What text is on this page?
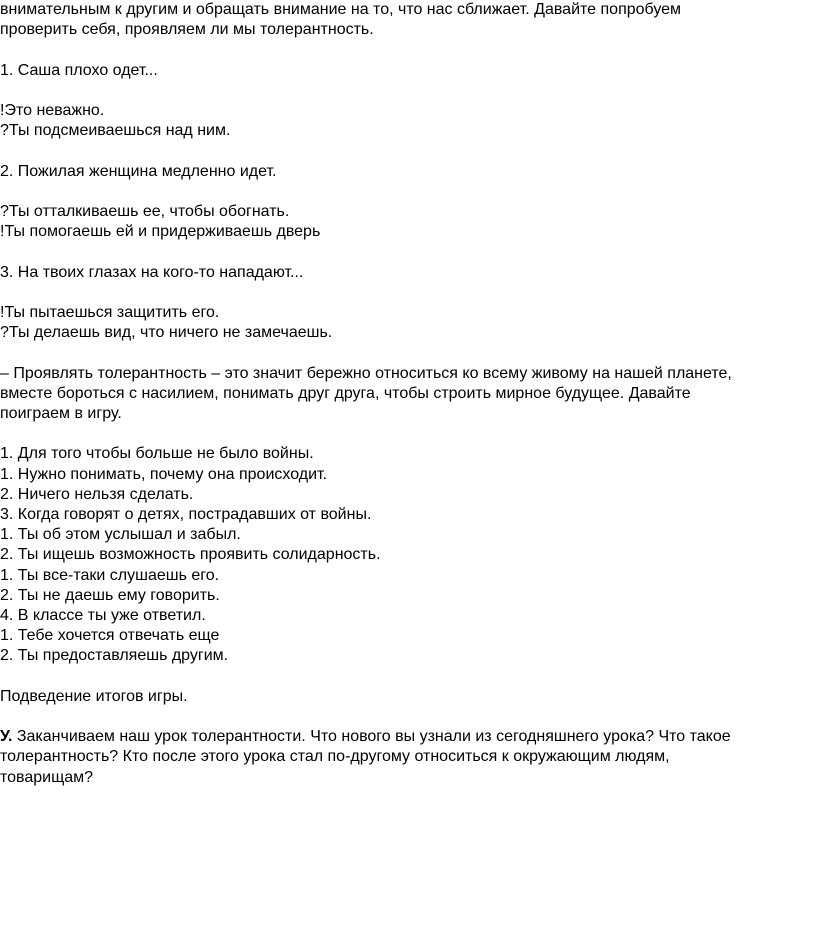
внимательным к другим и обращать внимание на то, что нас сближает. Давайте попробуем

проверить себя, проявляем ли мы толерантность.

1. Саша плохо одет...

!Это неважно.

?Ты подсмеиваешься над ним.

2. Пожилая женщина медленно идет.

?Ты отталкиваешь ее, чтобы обогнать.

!Ты помогаешь ей и придерживаешь дверь

3. На твоих глазах на кого-то нападают...

!Ты пытаешься защитить его.

?Ты делаешь вид, что ничего не замечаешь.

– Проявлять толерантность – это значит бережно относиться ко всему живому на нашей планете,

вместе бороться с насилием, понимать друг друга, чтобы строить мирное будущее. Давайте

поиграем в игру.

1. Для того чтобы больше не было войны.

1. Нужно понимать, почему она происходит.

2. Ничего нельзя сделать.

3. Когда говорят о детях, пострадавших от войны.

1. Ты об этом услышал и забыл.

2. Ты ищешь возможность проявить солидарность.

1. Ты все-таки слушаешь его.

2. Ты не даешь ему говорить.

4. В классе ты уже ответил.

1. Тебе хочется отвечать еще

2. Ты предоставляешь другим.

Подведение итогов игры.

У. Заканчиваем наш урок толерантности. Что нового вы узнали из сегодняшнего урока? Что такое

толерантность? Кто после этого урока стал по-другому относиться к окружающим людям,

товарищам?
